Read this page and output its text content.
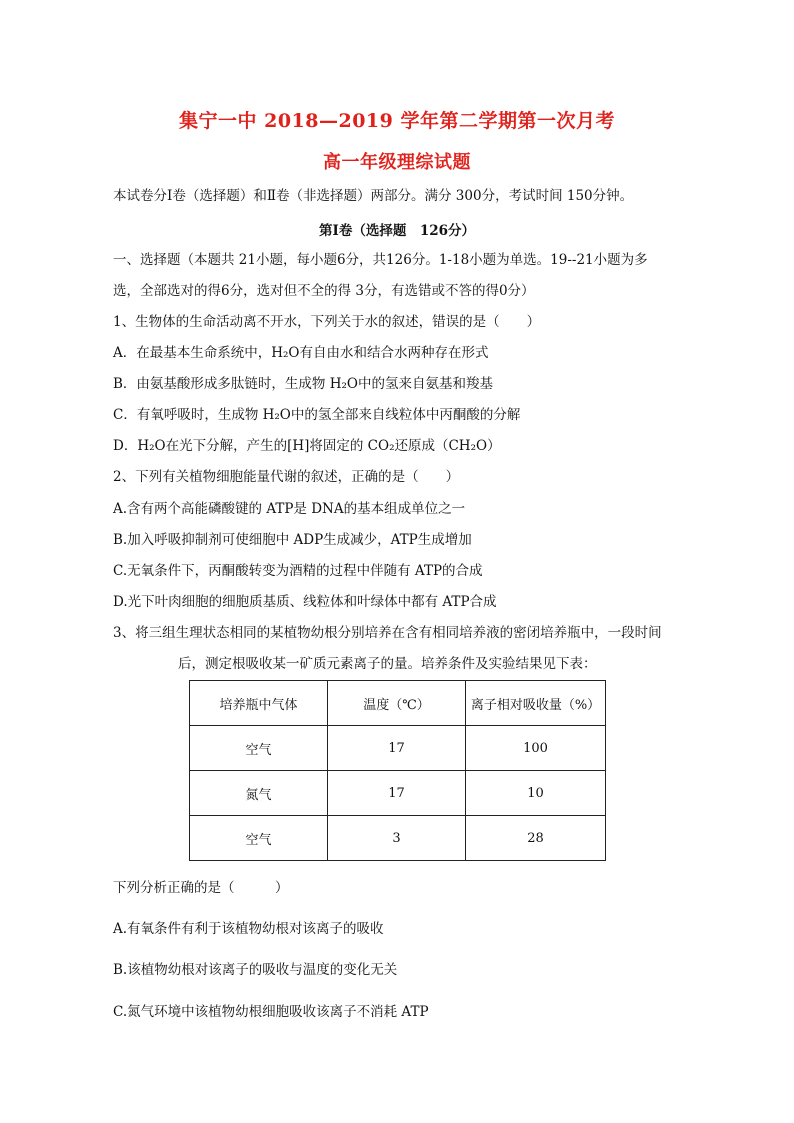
集宁一中 2018—2019 学年第二学期第一次月考
高一年级理综试题
本试卷分Ⅰ卷（选择题）和Ⅱ卷（非选择题）两部分。满分 300分，考试时间 150分钟。
第Ⅰ卷（选择题　126分）
一、选择题（本题共 21小题，每小题6分，共126分。1-18小题为单选。19--21小题为多
选，全部选对的得6分，选对但不全的得 3分，有选错或不答的得0分）
1、生物体的生命活动离不开水，下列关于水的叙述，错误的是（　　）
A．在最基本生命系统中，H₂O有自由水和结合水两种存在形式
B．由氨基酸形成多肽链时，生成物 H₂O中的氢来自氨基和羧基
C．有氧呼吸时，生成物 H₂O中的氢全部来自线粒体中丙酮酸的分解
D．H₂O在光下分解，产生的[H]将固定的 CO₂还原成（CH₂O）
2、下列有关植物细胞能量代谢的叙述，正确的是（　　）
A.含有两个高能磷酸键的 ATP是 DNA的基本组成单位之一
B.加入呼吸抑制剂可使细胞中 ADP生成减少，ATP生成增加
C.无氧条件下，丙酮酸转变为酒精的过程中伴随有 ATP的合成
D.光下叶肉细胞的细胞质基质、线粒体和叶绿体中都有 ATP合成
3、将三组生理状态相同的某植物幼根分别培养在含有相同培养液的密闭培养瓶中，一段时间
后，测定根吸收某一矿质元素离子的量。培养条件及实验结果见下表：
培养瓶中气体	温度（℃）	离子相对吸收量（%）
空气	17	100
氮气	17	10
空气	3	28
下列分析正确的是（　　　）
A.有氧条件有利于该植物幼根对该离子的吸收
B.该植物幼根对该离子的吸收与温度的变化无关
C.氮气环境中该植物幼根细胞吸收该离子不消耗 ATP
